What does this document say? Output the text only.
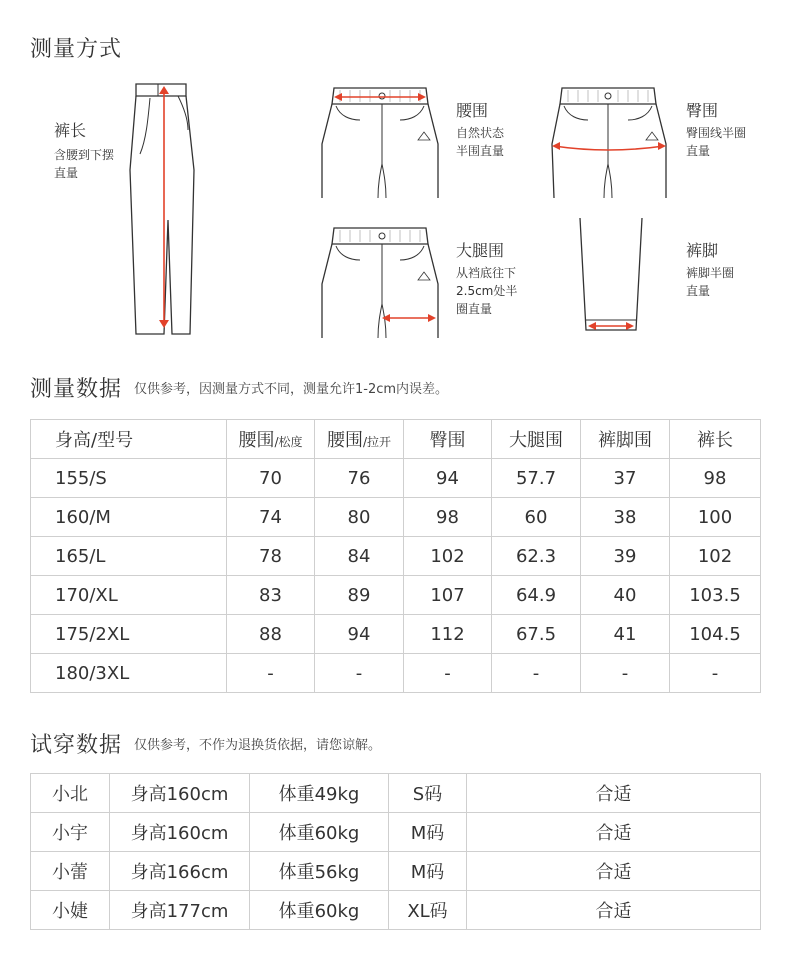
测量方式
裤长
含腰到下摆
直量
腰围
自然状态
半围直量
臀围
臀围线半圈
直量
大腿围
从裆底往下
2.5cm处半
圈直量
裤脚
裤脚半圈
直量
测量数据 $^{仅供参考,因测量方式不同,测量允许1-2cm内误差。}$
身高/型号	腰围/松度	腰围/拉开	臀围	大腿围	裤脚围	裤长
155/S	70	76	94	57.7	37	98
160/M	74	80	98	60	38	100
165/L	78	84	102	62.3	39	102
170/XL	83	89	107	64.9	40	103.5
175/2XL	88	94	112	67.5	41	104.5
180/3XL	-	-	-	-	-	-
试穿数据 $^{仅供参考,不作为退换货依据,请您谅解。}$
小北	身高160cm	体重49kg	S码	合适
小宇	身高160cm	体重60kg	M码	合适
小蕾	身高166cm	体重56kg	M码	合适
小婕	身高177cm	体重60kg	XL码	合适
